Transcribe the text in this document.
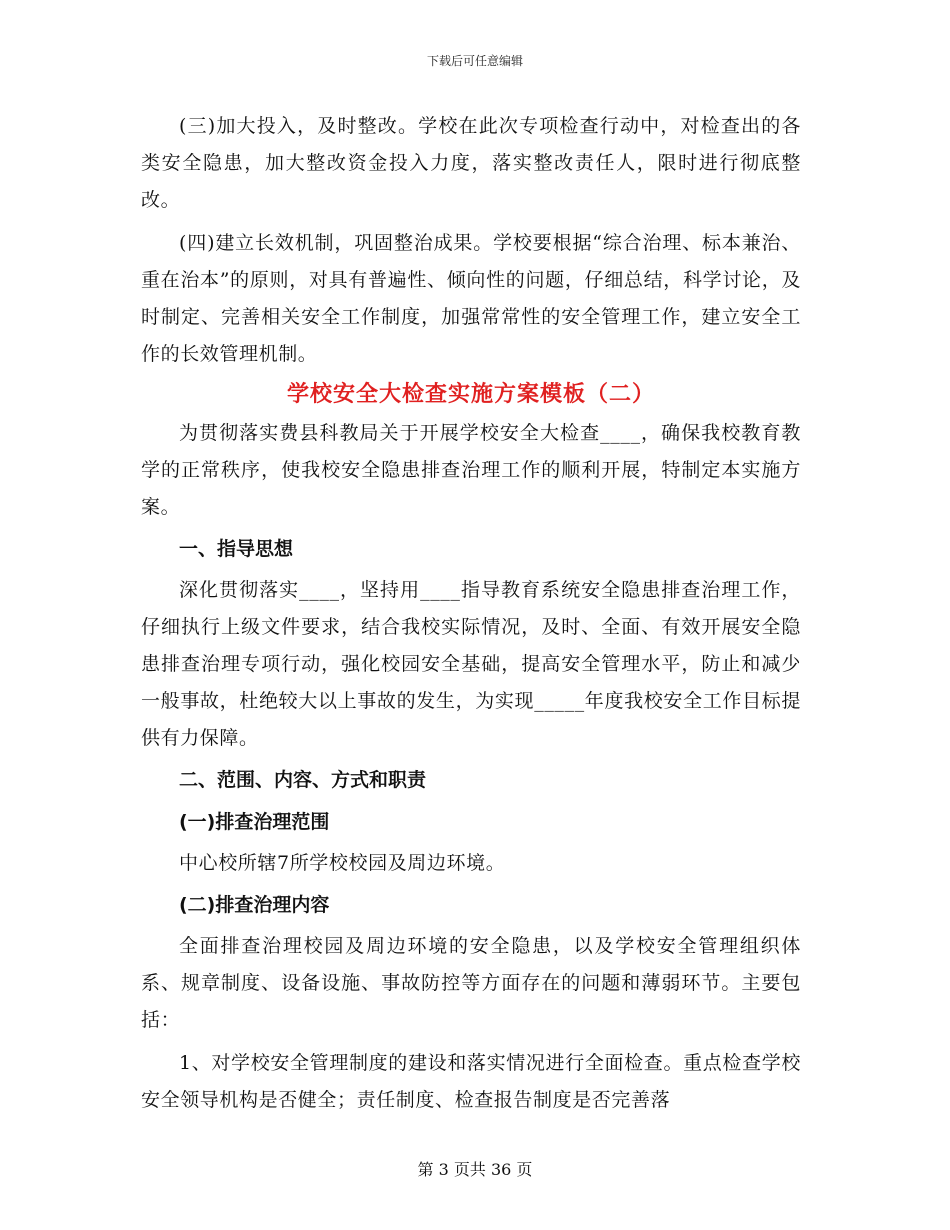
下载后可任意编辑

(三)加大投入，及时整改。学校在此次专项检查行动中，对检查出的各类安全隐患，加大整改资金投入力度，落实整改责任人，限时进行彻底整改。

(四)建立长效机制，巩固整治成果。学校要根据“综合治理、标本兼治、重在治本”的原则，对具有普遍性、倾向性的问题，仔细总结，科学讨论，及时制定、完善相关安全工作制度，加强常常性的安全管理工作，建立安全工作的长效管理机制。

学校安全大检查实施方案模板（二）

为贯彻落实费县科教局关于开展学校安全大检查____，确保我校教育教学的正常秩序，使我校安全隐患排查治理工作的顺利开展，特制定本实施方案。

一、指导思想

深化贯彻落实____，坚持用____指导教育系统安全隐患排查治理工作，仔细执行上级文件要求，结合我校实际情况，及时、全面、有效开展安全隐患排查治理专项行动，强化校园安全基础，提高安全管理水平，防止和减少一般事故，杜绝较大以上事故的发生，为实现_____年度我校安全工作目标提供有力保障。

二、范围、内容、方式和职责
(一)排查治理范围

中心校所辖7所学校校园及周边环境。

(二)排查治理内容

全面排查治理校园及周边环境的安全隐患，以及学校安全管理组织体系、规章制度、设备设施、事故防控等方面存在的问题和薄弱环节。主要包括：

1、对学校安全管理制度的建设和落实情况进行全面检查。重点检查学校安全领导机构是否健全；责任制度、检查报告制度是否完善落

第 3 页共 36 页
